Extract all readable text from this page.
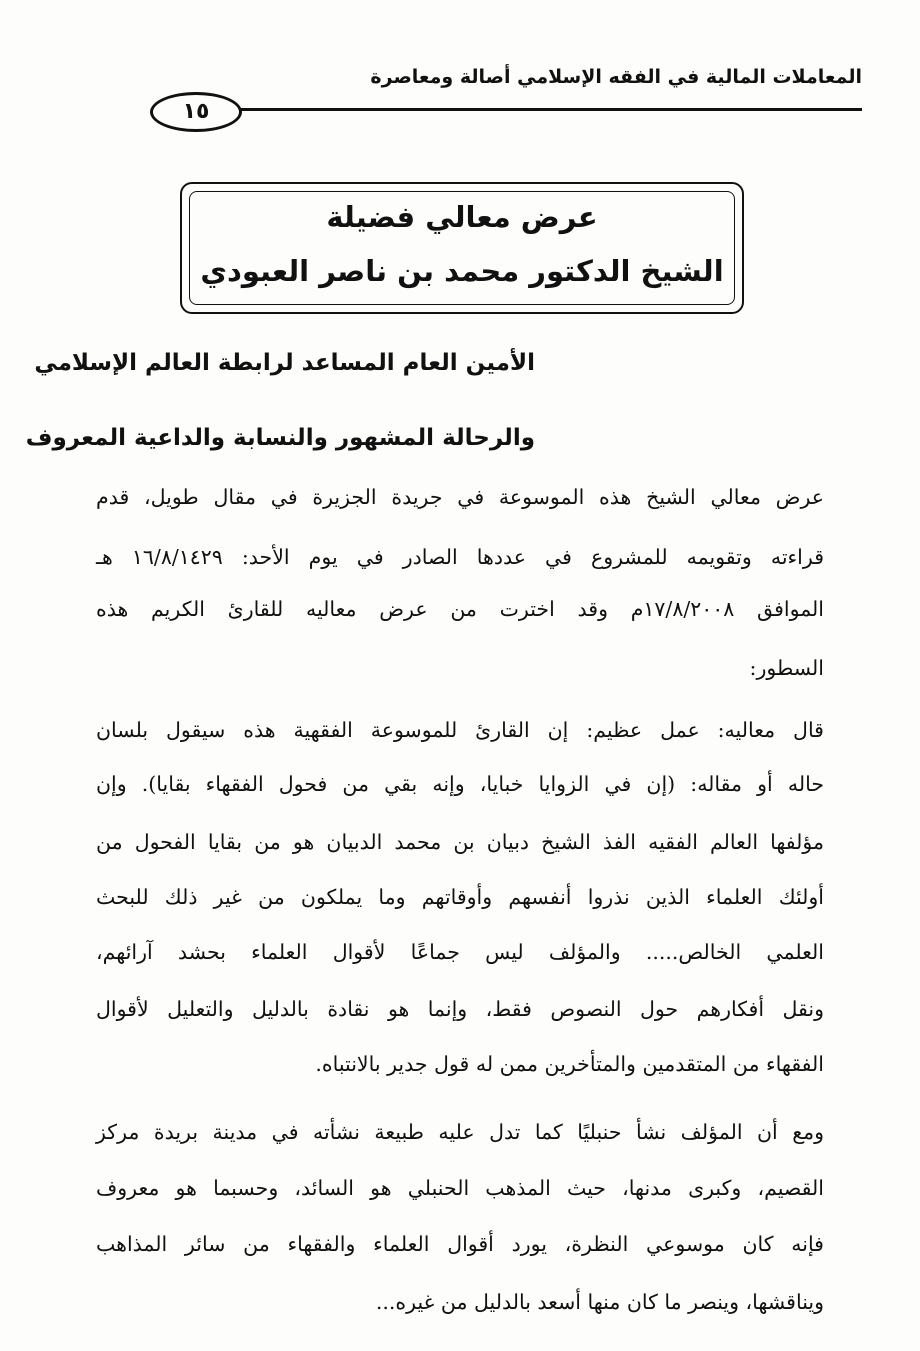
المعاملات المالية في الفقه الإسلامي أصالة ومعاصرة
١٥
عرض معالي فضيلة
الشيخ الدكتور محمد بن ناصر العبودي
الأمين العام المساعد لرابطة العالم الإسلامي
والرحالة المشهور والنسابة والداعية المعروف
عرض معالي الشيخ هذه الموسوعة في جريدة الجزيرة في مقال طويل، قدم
قراءته وتقويمه للمشروع في عددها الصادر في يوم الأحد: ١٦/٨/١٤٢٩ هـ
الموافق ١٧/٨/٢٠٠٨م وقد اخترت من عرض معاليه للقارئ الكريم هذه
السطور:
قال معاليه: عمل عظيم: إن القارئ للموسوعة الفقهية هذه سيقول بلسان
حاله أو مقاله: (إن في الزوايا خبايا، وإنه بقي من فحول الفقهاء بقايا). وإن
مؤلفها العالم الفقيه الفذ الشيخ دبيان بن محمد الدبيان هو من بقايا الفحول من
أولئك العلماء الذين نذروا أنفسهم وأوقاتهم وما يملكون من غير ذلك للبحث
العلمي الخالص..... والمؤلف ليس جماعًا لأقوال العلماء بحشد آرائهم،
ونقل أفكارهم حول النصوص فقط، وإنما هو نقادة بالدليل والتعليل لأقوال
الفقهاء من المتقدمين والمتأخرين ممن له قول جدير بالانتباه.
ومع أن المؤلف نشأ حنبليًا كما تدل عليه طبيعة نشأته في مدينة بريدة مركز
القصيم، وكبرى مدنها، حيث المذهب الحنبلي هو السائد، وحسبما هو معروف
فإنه كان موسوعي النظرة، يورد أقوال العلماء والفقهاء من سائر المذاهب
ويناقشها، وينصر ما كان منها أسعد بالدليل من غيره...
